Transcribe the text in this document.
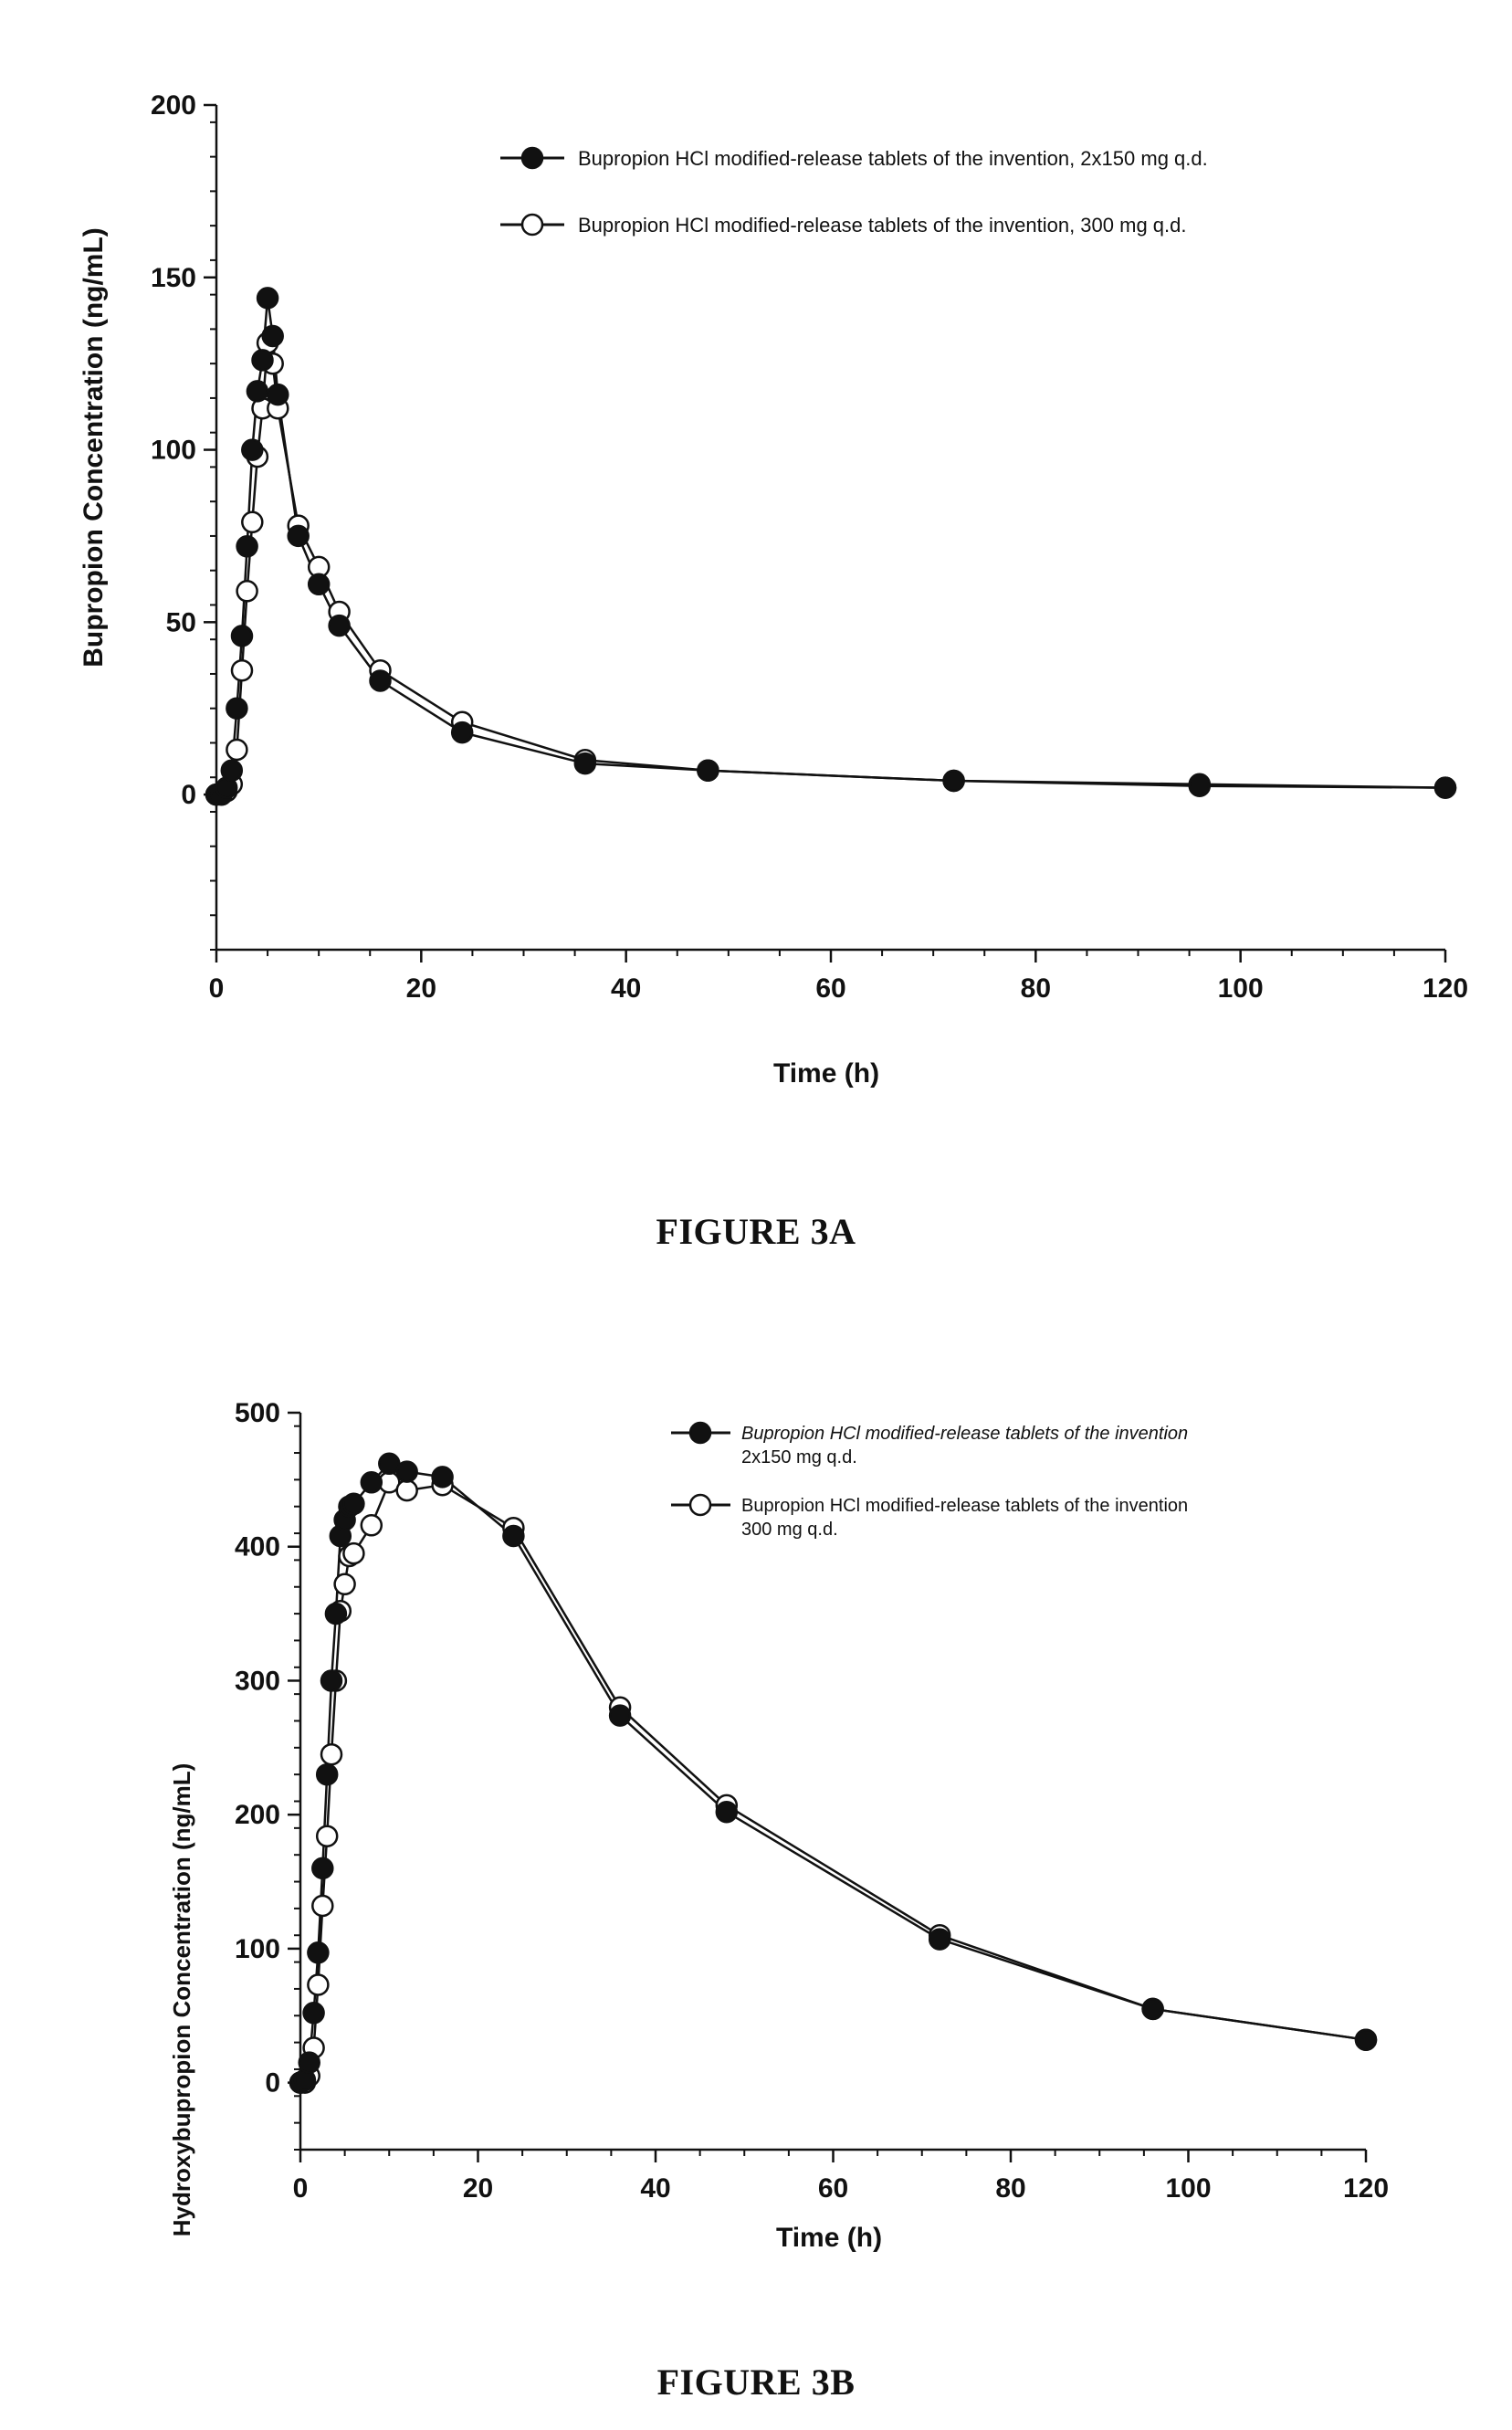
0
50
100
150
200
0	20	40	60	80	100	120
Time (h)
Bupropion Concentration (ng/mL)
Bupropion HCl modified-release tablets of the invention, 2x150 mg q.d.
Bupropion HCl modified-release tablets of the invention, 300 mg q.d.
FIGURE 3A
0
100
200
300
400
500
0	20	40	60	80	100	120
Time (h)
Hydroxybupropion Concentration (ng/mL)
Bupropion HCl modified-release tablets of the invention
2x150 mg q.d.
Bupropion HCl modified-release tablets of the invention
300 mg q.d.
FIGURE 3B
